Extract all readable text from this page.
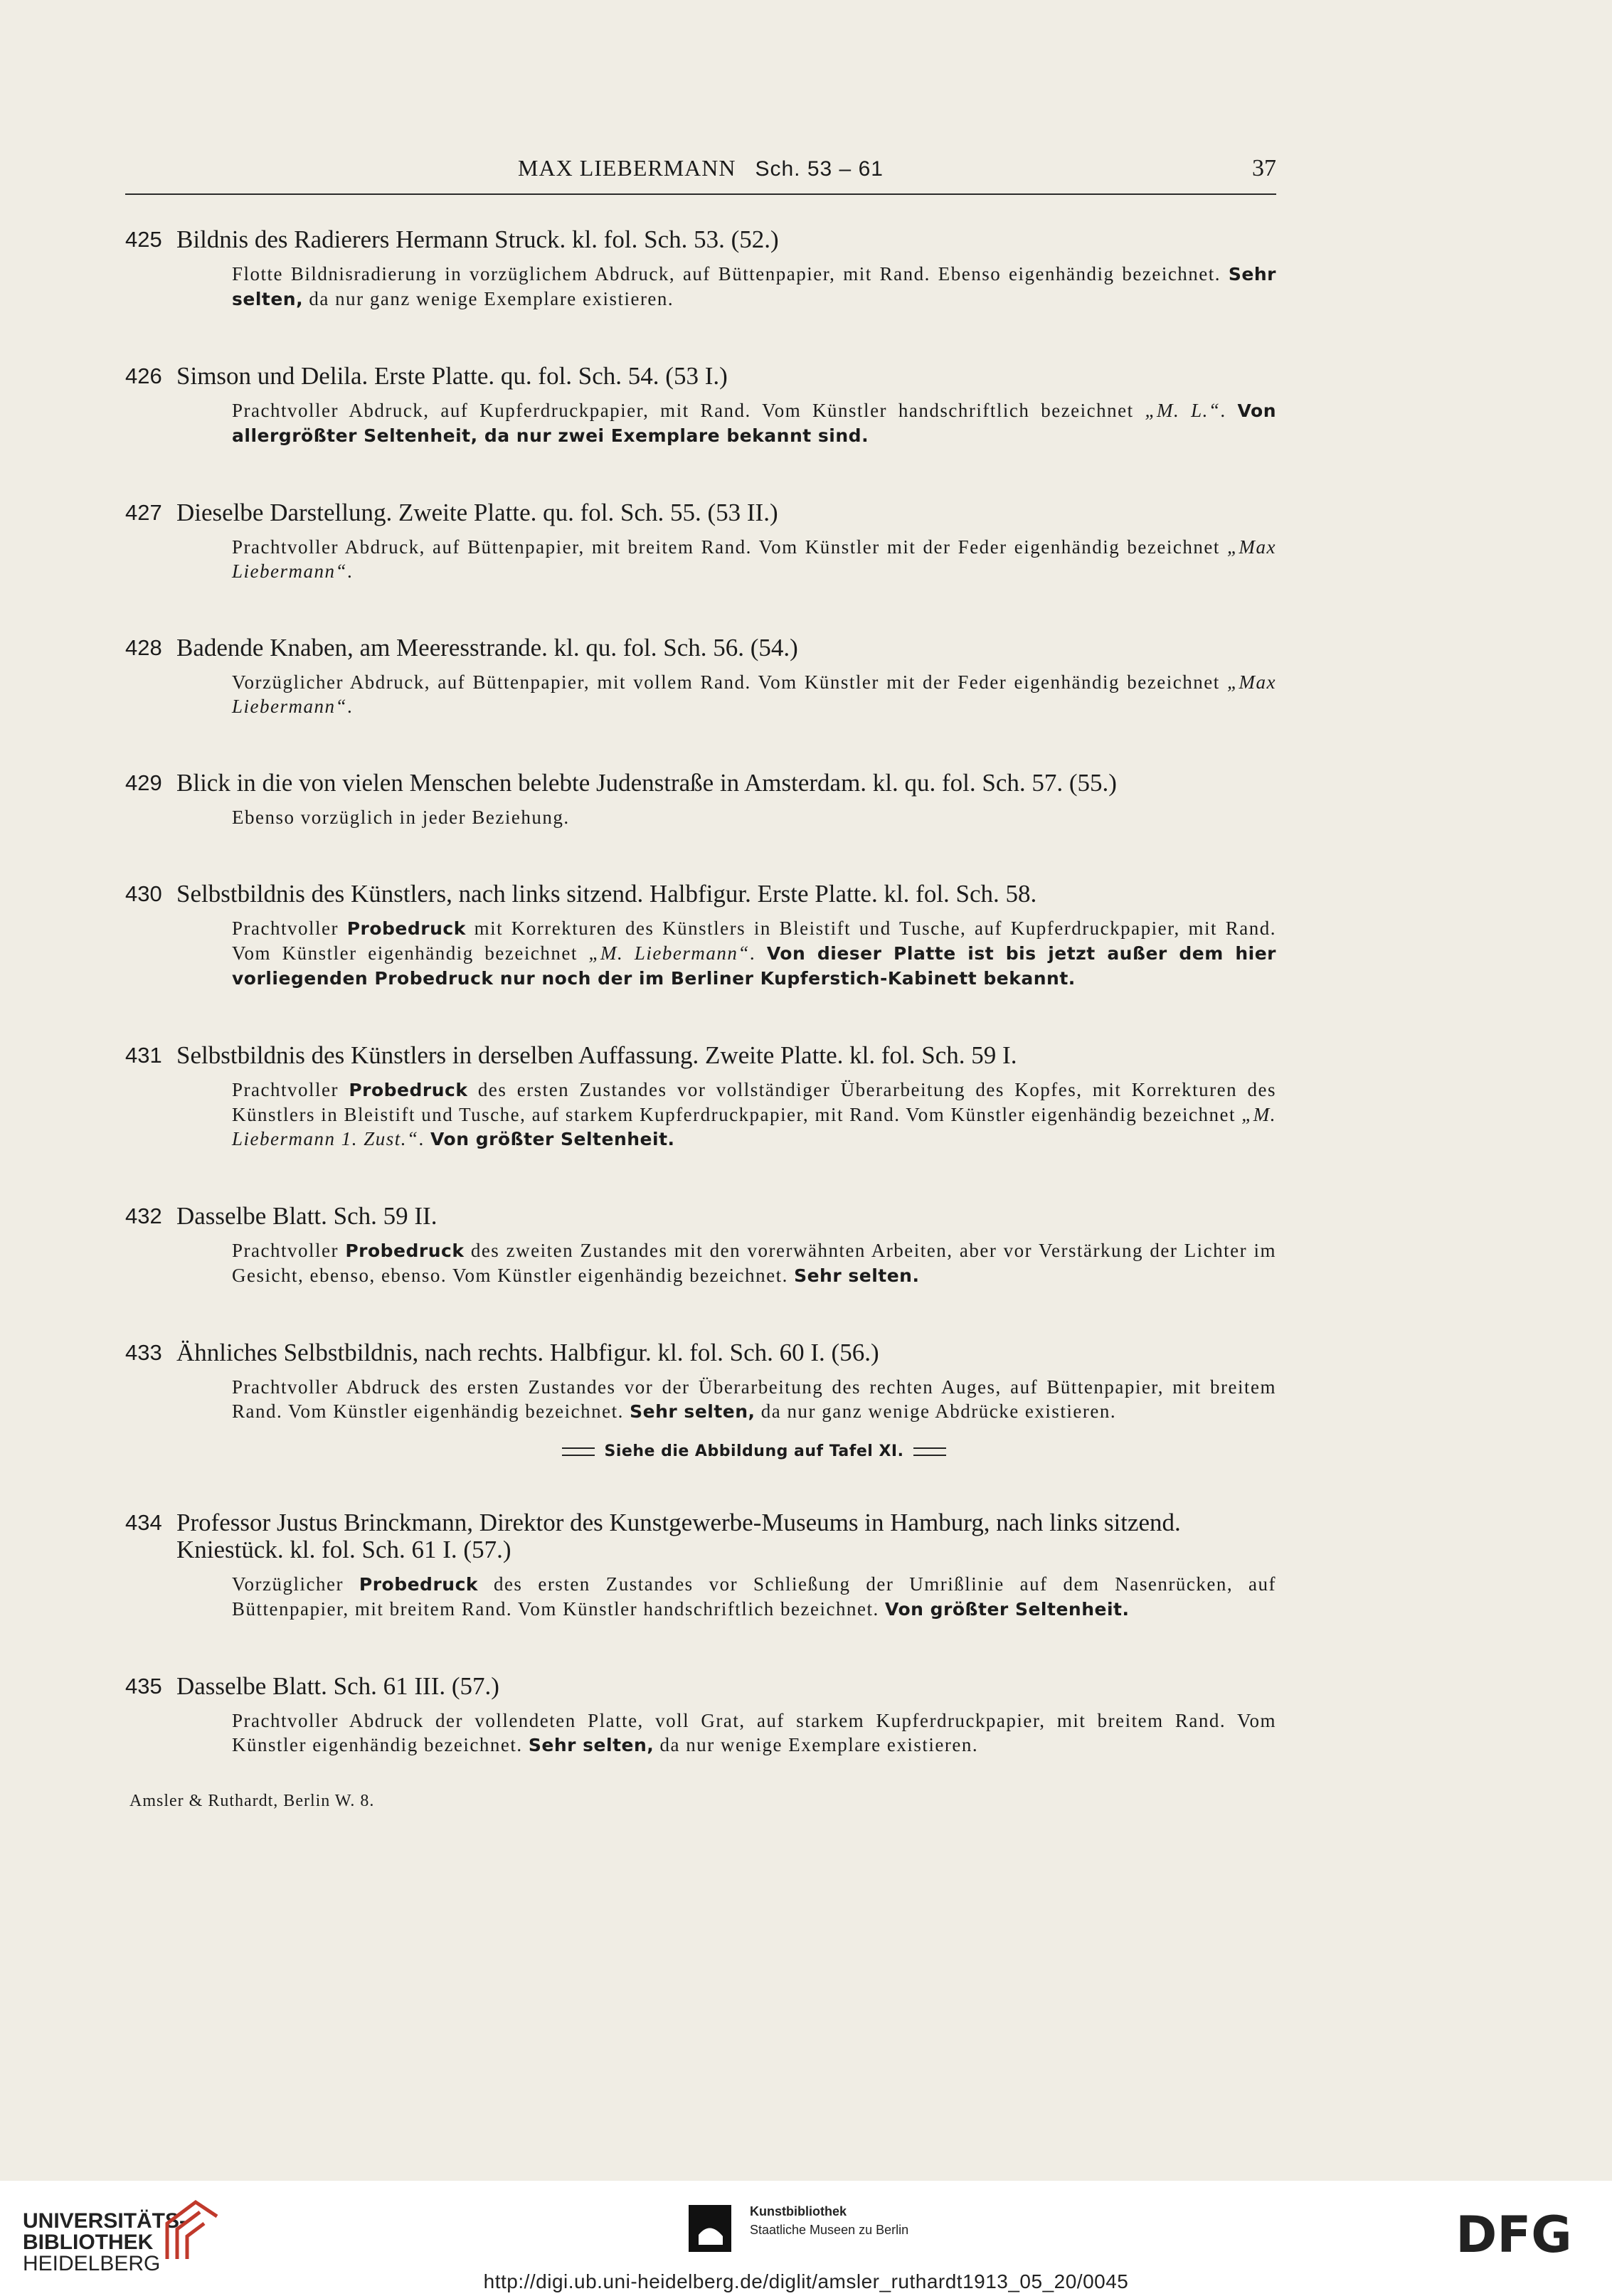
MAX LIEBERMANN Sch. 53 – 61	37
425 Bildnis des Radierers Hermann Struck. kl. fol. Sch. 53. (52.)
Flotte Bildnisradierung in vorzüglichem Abdruck, auf Büttenpapier, mit Rand. Ebenso eigenhändig bezeichnet. Sehr selten, da nur ganz wenige Exemplare existieren.
426 Simson und Delila. Erste Platte. qu. fol. Sch. 54. (53 I.)
Prachtvoller Abdruck, auf Kupferdruckpapier, mit Rand. Vom Künstler handschriftlich bezeichnet „M. L.“. Von allergrößter Seltenheit, da nur zwei Exemplare bekannt sind.
427 Dieselbe Darstellung. Zweite Platte. qu. fol. Sch. 55. (53 II.)
Prachtvoller Abdruck, auf Büttenpapier, mit breitem Rand. Vom Künstler mit der Feder eigenhändig bezeichnet „Max Liebermann“.
428 Badende Knaben, am Meeresstrande. kl. qu. fol. Sch. 56. (54.)
Vorzüglicher Abdruck, auf Büttenpapier, mit vollem Rand. Vom Künstler mit der Feder eigenhändig bezeichnet „Max Liebermann“.
429 Blick in die von vielen Menschen belebte Judenstraße in Amsterdam. kl. qu. fol. Sch. 57. (55.)
Ebenso vorzüglich in jeder Beziehung.
430 Selbstbildnis des Künstlers, nach links sitzend. Halbfigur. Erste Platte. kl. fol. Sch. 58.
Prachtvoller Probedruck mit Korrekturen des Künstlers in Bleistift und Tusche, auf Kupferdruckpapier, mit Rand. Vom Künstler eigenhändig bezeichnet „M. Liebermann“. Von dieser Platte ist bis jetzt außer dem hier vorliegenden Probedruck nur noch der im Berliner Kupferstich-Kabinett bekannt.
431 Selbstbildnis des Künstlers in derselben Auffassung. Zweite Platte. kl. fol. Sch. 59 I.
Prachtvoller Probedruck des ersten Zustandes vor vollständiger Überarbeitung des Kopfes, mit Korrekturen des Künstlers in Bleistift und Tusche, auf starkem Kupferdruckpapier, mit Rand. Vom Künstler eigenhändig bezeichnet „M. Liebermann 1. Zust.“. Von größter Seltenheit.
432 Dasselbe Blatt. Sch. 59 II.
Prachtvoller Probedruck des zweiten Zustandes mit den vorerwähnten Arbeiten, aber vor Verstärkung der Lichter im Gesicht, ebenso, ebenso. Vom Künstler eigenhändig bezeichnet. Sehr selten.
433 Ähnliches Selbstbildnis, nach rechts. Halbfigur. kl. fol. Sch. 60 I. (56.)
Prachtvoller Abdruck des ersten Zustandes vor der Überarbeitung des rechten Auges, auf Büttenpapier, mit breitem Rand. Vom Künstler eigenhändig bezeichnet. Sehr selten, da nur ganz wenige Abdrücke existieren.
Siehe die Abbildung auf Tafel XI.
434 Professor Justus Brinckmann, Direktor des Kunstgewerbe-Museums in Hamburg, nach links sitzend. Kniestück. kl. fol. Sch. 61 I. (57.)
Vorzüglicher Probedruck des ersten Zustandes vor Schließung der Umrißlinie auf dem Nasenrücken, auf Büttenpapier, mit breitem Rand. Vom Künstler handschriftlich bezeichnet. Von größter Seltenheit.
435 Dasselbe Blatt. Sch. 61 III. (57.)
Prachtvoller Abdruck der vollendeten Platte, voll Grat, auf starkem Kupferdruckpapier, mit breitem Rand. Vom Künstler eigenhändig bezeichnet. Sehr selten, da nur wenige Exemplare existieren.
Amsler & Ruthardt, Berlin W. 8.
UNIVERSITÄTS-
BIBLIOTHEK
HEIDELBERG
Kunstbibliothek
Staatliche Museen zu Berlin	DFG
http://digi.ub.uni-heidelberg.de/diglit/amsler_ruthardt1913_05_20/0045
